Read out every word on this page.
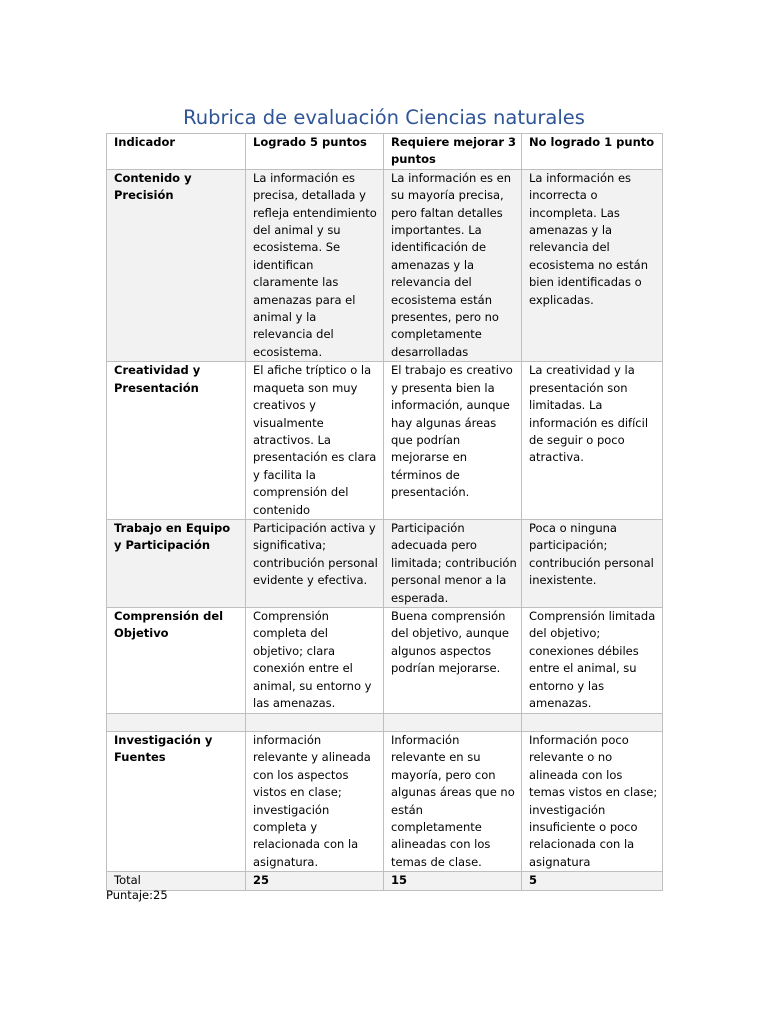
Rubrica de evaluación Ciencias naturales
Indicador	Logrado 5 puntos	Requiere mejorar 3 puntos	No logrado 1 punto
Contenido y Precisión	La información es precisa, detallada y refleja entendimiento del animal y su ecosistema. Se identifican claramente las amenazas para el animal y la relevancia del ecosistema.	La información es en su mayoría precisa, pero faltan detalles importantes. La identificación de amenazas y la relevancia del ecosistema están presentes, pero no completamente desarrolladas	La información es incorrecta o incompleta. Las amenazas y la relevancia del ecosistema no están bien identificadas o explicadas.
Creatividad y Presentación	El afiche tríptico o la maqueta son muy creativos y visualmente atractivos. La presentación es clara y facilita la comprensión del contenido	El trabajo es creativo y presenta bien la información, aunque hay algunas áreas que podrían mejorarse en términos de presentación.	La creatividad y la presentación son limitadas. La información es difícil de seguir o poco atractiva.
Trabajo en Equipo y Participación	Participación activa y significativa; contribución personal evidente y efectiva.	Participación adecuada pero limitada; contribución personal menor a la esperada.	Poca o ninguna participación; contribución personal inexistente.
Comprensión del Objetivo	Comprensión completa del objetivo; clara conexión entre el animal, su entorno y las amenazas.	Buena comprensión del objetivo, aunque algunos aspectos podrían mejorarse.	Comprensión limitada del objetivo; conexiones débiles entre el animal, su entorno y las amenazas.

Investigación y Fuentes	información relevante y alineada con los aspectos vistos en clase; investigación completa y relacionada con la asignatura.	Información relevante en su mayoría, pero con algunas áreas que no están completamente alineadas con los temas de clase.	Información poco relevante o no alineada con los temas vistos en clase; investigación insuficiente o poco relacionada con la asignatura
Total	25	15	5
Puntaje:25
